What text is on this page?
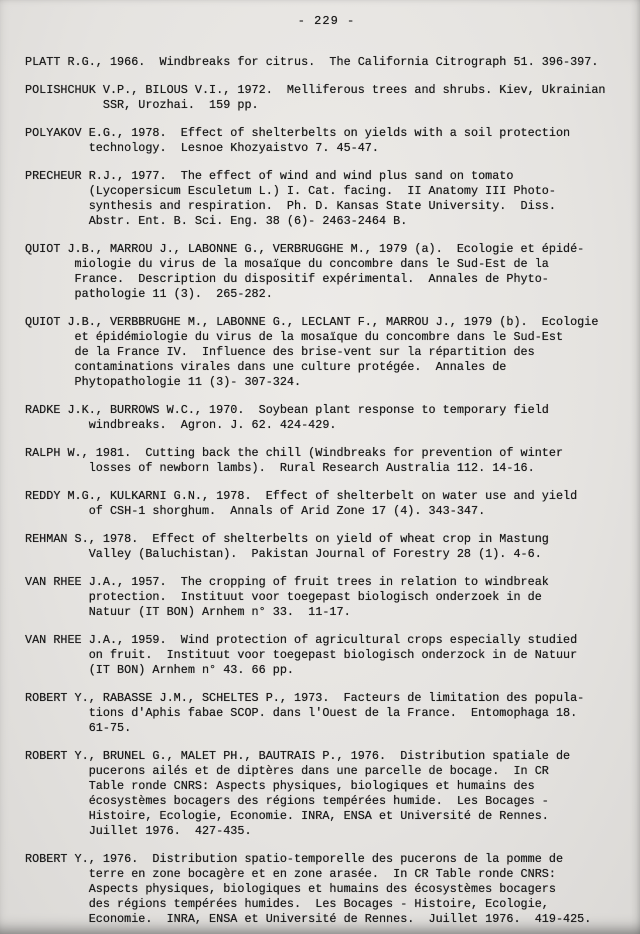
- 229 -
PLATT R.G., 1966.  Windbreaks for citrus.  The California Citrograph 51. 396-397.
POLISHCHUK V.P., BILOUS V.I., 1972.  Melliferous trees and shrubs. Kiev, Ukrainian
SSR, Urozhai.  159 pp.
POLYAKOV E.G., 1978.  Effect of shelterbelts on yields with a soil protection
technology.  Lesnoe Khozyaistvo 7. 45-47.
PRECHEUR R.J., 1977.  The effect of wind and wind plus sand on tomato
(Lycopersicum Esculetum L.) I. Cat. facing.  II Anatomy III Photo-
synthesis and respiration.  Ph. D. Kansas State University.  Diss.
Abstr. Ent. B. Sci. Eng. 38 (6)- 2463-2464 B.
QUIOT J.B., MARROU J., LABONNE G., VERBRUGGHE M., 1979 (a).  Ecologie et épidé-
miologie du virus de la mosaïque du concombre dans le Sud-Est de la
France.  Description du dispositif expérimental.  Annales de Phyto-
pathologie 11 (3).  265-282.
QUIOT J.B., VERBBRUGHE M., LABONNE G., LECLANT F., MARROU J., 1979 (b).  Ecologie
et épidémiologie du virus de la mosaïque du concombre dans le Sud-Est
de la France IV.  Influence des brise-vent sur la répartition des
contaminations virales dans une culture protégée.  Annales de
Phytopathologie 11 (3)- 307-324.
RADKE J.K., BURROWS W.C., 1970.  Soybean plant response to temporary field
windbreaks.  Agron. J. 62. 424-429.
RALPH W., 1981.  Cutting back the chill (Windbreaks for prevention of winter
losses of newborn lambs).  Rural Research Australia 112. 14-16.
REDDY M.G., KULKARNI G.N., 1978.  Effect of shelterbelt on water use and yield
of CSH-1 shorghum.  Annals of Arid Zone 17 (4). 343-347.
REHMAN S., 1978.  Effect of shelterbelts on yield of wheat crop in Mastung
Valley (Baluchistan).  Pakistan Journal of Forestry 28 (1). 4-6.
VAN RHEE J.A., 1957.  The cropping of fruit trees in relation to windbreak
protection.  Instituut voor toegepast biologisch onderzoek in de
Natuur (IT BON) Arnhem n° 33.  11-17.
VAN RHEE J.A., 1959.  Wind protection of agricultural crops especially studied
on fruit.  Instituut voor toegepast biologisch onderzock in de Natuur
(IT BON) Arnhem n° 43. 66 pp.
ROBERT Y., RABASSE J.M., SCHELTES P., 1973.  Facteurs de limitation des popula-
tions d'Aphis fabae SCOP. dans l'Ouest de la France.  Entomophaga 18.
61-75.
ROBERT Y., BRUNEL G., MALET PH., BAUTRAIS P., 1976.  Distribution spatiale de
pucerons ailés et de diptères dans une parcelle de bocage.  In CR
Table ronde CNRS: Aspects physiques, biologiques et humains des
écosystèmes bocagers des régions tempérées humide.  Les Bocages -
Histoire, Ecologie, Economie. INRA, ENSA et Université de Rennes.
Juillet 1976.  427-435.
ROBERT Y., 1976.  Distribution spatio-temporelle des pucerons de la pomme de
terre en zone bocagère et en zone arasée.  In CR Table ronde CNRS:
Aspects physiques, biologiques et humains des écosystèmes bocagers
des régions tempérées humides.  Les Bocages - Histoire, Ecologie,
Economie.  INRA, ENSA et Université de Rennes.  Juillet 1976.  419-425.
